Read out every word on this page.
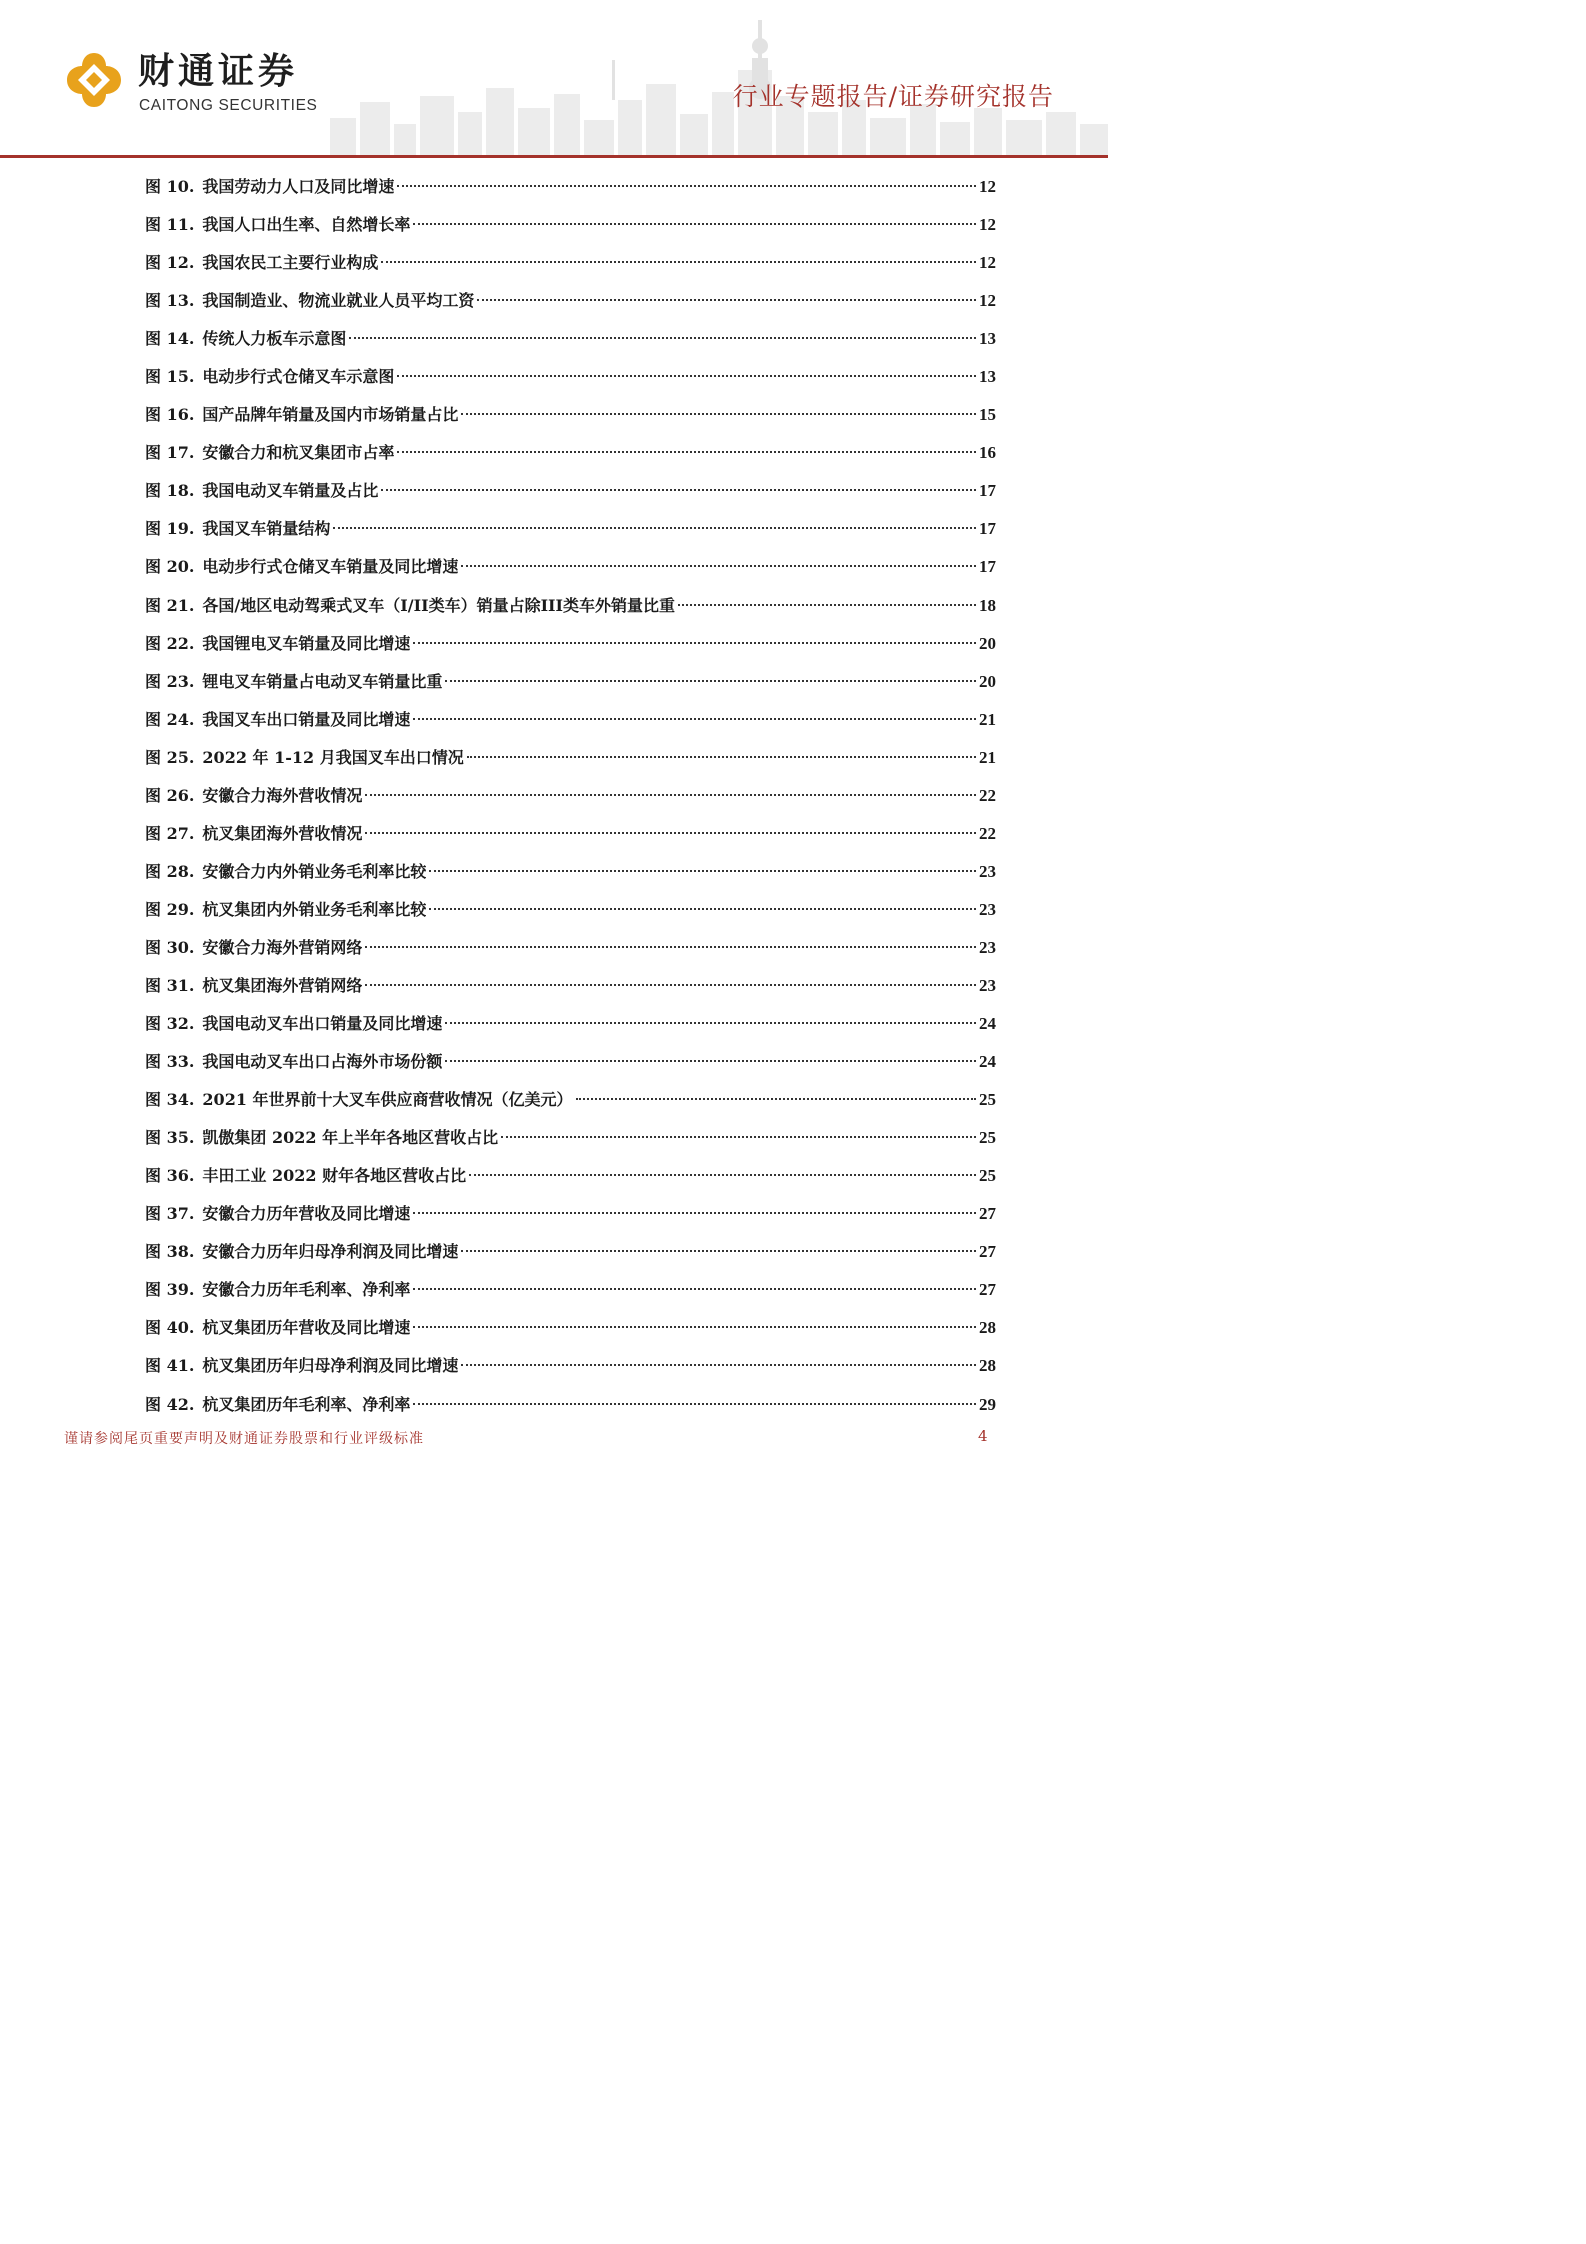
财通证券
CAITONG SECURITIES	行业专题报告/证券研究报告
图 10. 我国劳动力人口及同比增速	12
图 11. 我国人口出生率、自然增长率	12
图 12. 我国农民工主要行业构成	12
图 13. 我国制造业、物流业就业人员平均工资	12
图 14. 传统人力板车示意图	13
图 15. 电动步行式仓储叉车示意图	13
图 16. 国产品牌年销量及国内市场销量占比	15
图 17. 安徽合力和杭叉集团市占率	16
图 18. 我国电动叉车销量及占比	17
图 19. 我国叉车销量结构	17
图 20. 电动步行式仓储叉车销量及同比增速	17
图 21. 各国/地区电动驾乘式叉车（I/II类车）销量占除III类车外销量比重	18
图 22. 我国锂电叉车销量及同比增速	20
图 23. 锂电叉车销量占电动叉车销量比重	20
图 24. 我国叉车出口销量及同比增速	21
图 25. 2022 年 1-12 月我国叉车出口情况	21
图 26. 安徽合力海外营收情况	22
图 27. 杭叉集团海外营收情况	22
图 28. 安徽合力内外销业务毛利率比较	23
图 29. 杭叉集团内外销业务毛利率比较	23
图 30. 安徽合力海外营销网络	23
图 31. 杭叉集团海外营销网络	23
图 32. 我国电动叉车出口销量及同比增速	24
图 33. 我国电动叉车出口占海外市场份额	24
图 34. 2021 年世界前十大叉车供应商营收情况（亿美元）	25
图 35. 凯傲集团 2022 年上半年各地区营收占比	25
图 36. 丰田工业 2022 财年各地区营收占比	25
图 37. 安徽合力历年营收及同比增速	27
图 38. 安徽合力历年归母净利润及同比增速	27
图 39. 安徽合力历年毛利率、净利率	27
图 40. 杭叉集团历年营收及同比增速	28
图 41. 杭叉集团历年归母净利润及同比增速	28
图 42. 杭叉集团历年毛利率、净利率	29
谨请参阅尾页重要声明及财通证券股票和行业评级标准	4
